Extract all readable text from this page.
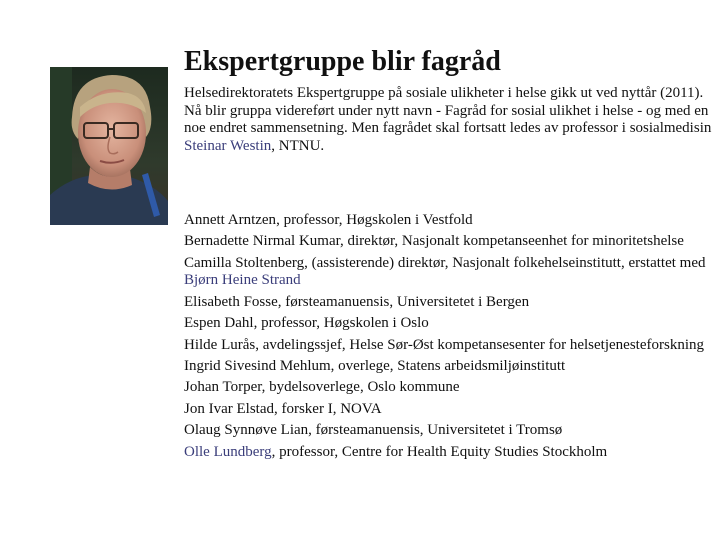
Ekspertgruppe blir fagråd

Helsedirektoratets Ekspertgruppe på sosiale ulikheter i helse gikk ut ved nyttår (2011). Nå blir gruppa videreført under nytt navn - Fagråd for sosial ulikhet i helse - og med en noe endret sammensetning. Men fagrådet skal fortsatt ledes av professor i sosialmedisin Steinar Westin, NTNU.

Annett Arntzen, professor, Høgskolen i Vestfold
Bernadette Nirmal Kumar, direktør, Nasjonalt kompetanseenhet for minoritetshelse
Camilla Stoltenberg, (assisterende) direktør, Nasjonalt folkehelseinstitutt, erstattet med Bjørn Heine Strand
Elisabeth Fosse, førsteamanuensis, Universitetet i Bergen
Espen Dahl, professor, Høgskolen i Oslo
Hilde Lurås, avdelingssjef, Helse Sør-Øst kompetansesenter for helsetjenesteforskning
Ingrid Sivesind Mehlum, overlege, Statens arbeidsmiljøinstitutt
Johan Torper, bydelsoverlege, Oslo kommune
Jon Ivar Elstad, forsker I, NOVA
Olaug Synnøve Lian, førsteamanuensis, Universitetet i Tromsø
Olle Lundberg, professor, Centre for Health Equity Studies Stockholm
